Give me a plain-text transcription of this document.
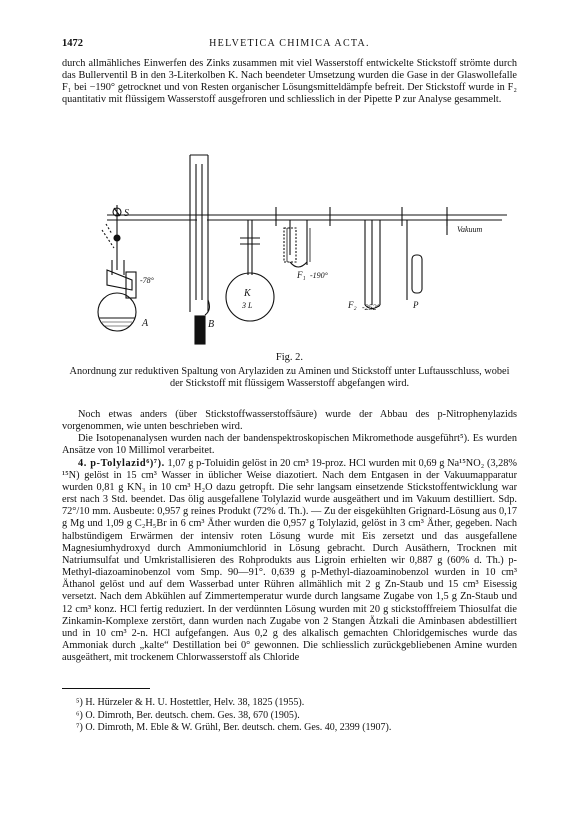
1472	HELVETICA CHIMICA ACTA.

durch allmähliches Einwerfen des Zinks zusammen mit viel Wasserstoff entwickelte Stickstoff strömte durch das Bullerventil B in den 3-Literkolben K. Nach beendeter Umsetzung wurden die Gase in der Glaswollefalle F₁ bei −190° getrocknet und von Resten organischer Lösungsmitteldämpfe befreit. Der Stickstoff wurde in F₂ quantitativ mit flüssigem Wasserstoff ausgefroren und schliesslich in der Pipette P zur Analyse gesammelt.

B
S
-78°
A
K
3 L
F₁ -190°
F₂ -252°	P
Vakuum
Fig. 2.
Anordnung zur reduktiven Spaltung von Arylaziden zu Aminen und Stickstoff unter Luftausschluss, wobei der Stickstoff mit flüssigem Wasserstoff abgefangen wird.

Noch etwas anders (über Stickstoffwasserstoffsäure) wurde der Abbau des p-Nitrophenylazids vorgenommen, wie unten beschrieben wird.

Die Isotopenanalysen wurden nach der bandenspektroskopischen Mikromethode ausgeführt⁵). Es wurden Ansätze von 10 Millimol verarbeitet.

4. p-Tolylazid⁶)⁷). 1,07 g p-Toluidin gelöst in 20 cm³ 19-proz. HCl wurden mit 0,69 g Na¹⁵NO₂ (3,28% ¹⁵N) gelöst in 15 cm³ Wasser in üblicher Weise diazotiert. Nach dem Entgasen in der Vakuumapparatur wurden 0,81 g KN₃ in 10 cm³ H₂O dazu getropft. Die sehr langsam einsetzende Stickstoffentwicklung war erst nach 3 Std. beendet. Das ölig ausgefallene Tolylazid wurde ausgeäthert und im Vakuum destilliert. Sdp. 72°/10 mm. Ausbeute: 0,957 g reines Produkt (72% d. Th.). — Zu der eisgekühlten Grignard-Lösung aus 0,17 g Mg und 1,09 g C₂H₅Br in 6 cm³ Äther wurden die 0,957 g Tolylazid, gelöst in 3 cm³ Äther, gegeben. Nach halbstündigem Erwärmen der intensiv roten Lösung wurde mit Eis zersetzt und das ausgefallene Magnesiumhydroxyd durch Ammoniumchlorid in Lösung gebracht. Durch Ausäthern, Trocknen mit Natriumsulfat und Umkristallisieren des Rohprodukts aus Ligroin erhielten wir 0,887 g (60% d. Th.) p-Methyl-diazoaminobenzol vom Smp. 90—91°. 0,639 g p-Methyl-diazoaminobenzol wurden in 10 cm³ Äthanol gelöst und auf dem Wasserbad unter Rühren allmählich mit 2 g Zn-Staub und 15 cm³ Eisessig versetzt. Nach dem Abkühlen auf Zimmertemperatur wurde durch langsame Zugabe von 1,5 g Zn-Staub und 12 cm³ konz. HCl fertig reduziert. In der verdünnten Lösung wurden mit 20 g stickstofffreiem Thiosulfat die Zinkamin-Komplexe zerstört, dann wurden nach Zugabe von 2 Stangen Ätzkali die Aminbasen abdestilliert und in 10 cm³ 2-n. HCl aufgefangen. Aus 0,2 g des alkalisch gemachten Chloridgemisches wurde das Ammoniak durch „kalte“ Destillation bei 0° gewonnen. Die schliesslich zurückgebliebenen Amine wurden ausgeäthert, mit trockenem Chlorwasserstoff als Chloride

⁵) H. Hürzeler & H. U. Hostettler, Helv. 38, 1825 (1955).
⁶) O. Dimroth, Ber. deutsch. chem. Ges. 38, 670 (1905).
⁷) O. Dimroth, M. Eble & W. Grühl, Ber. deutsch. chem. Ges. 40, 2399 (1907).
